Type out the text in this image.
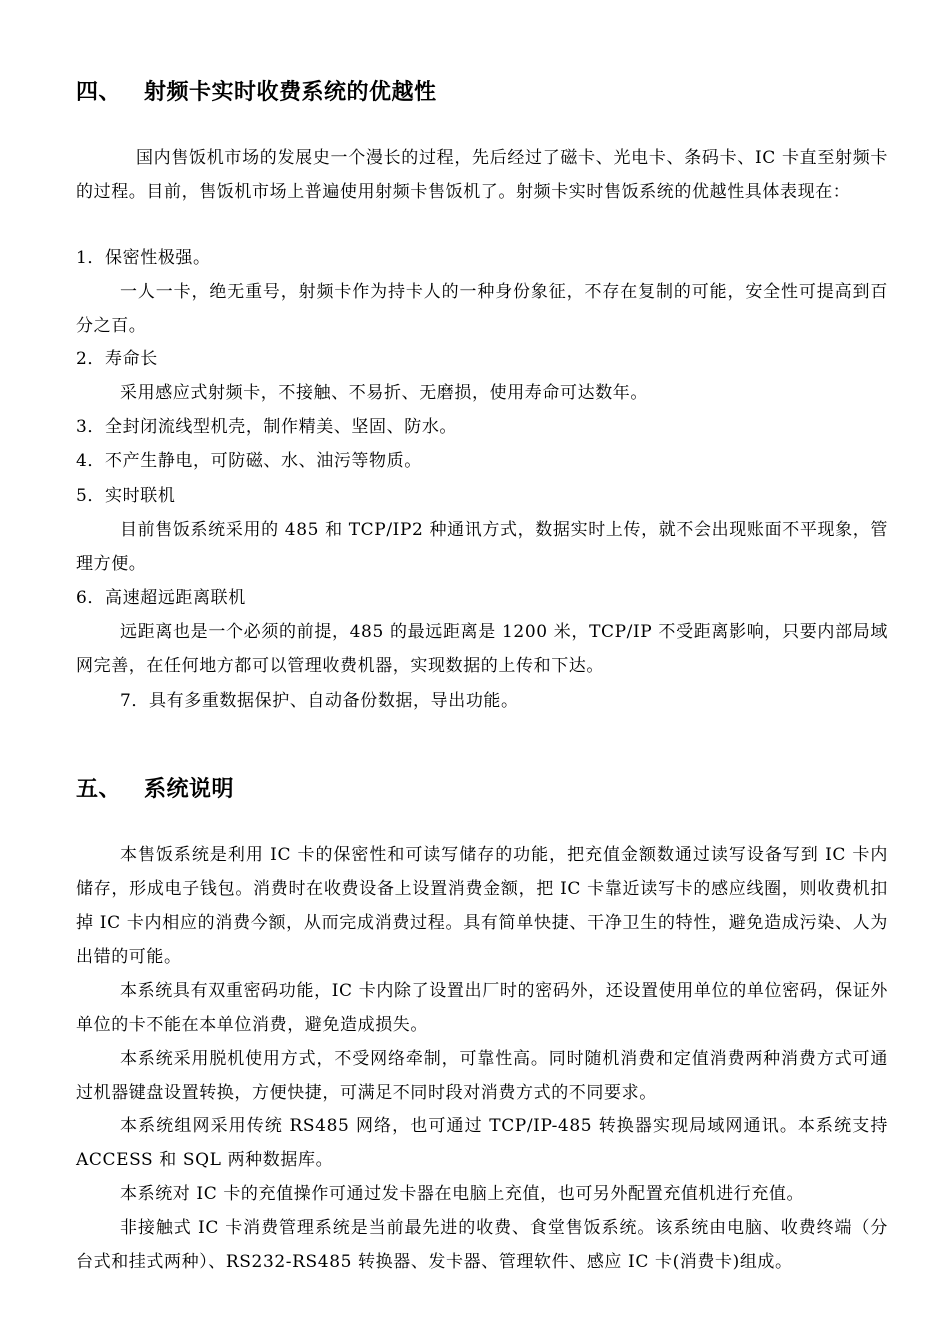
四、 射频卡实时收费系统的优越性
国内售饭机市场的发展史一个漫长的过程，先后经过了磁卡、光电卡、条码卡、IC 卡直至射频卡的过程。目前，售饭机市场上普遍使用射频卡售饭机了。射频卡实时售饭系统的优越性具体表现在：
1．保密性极强。
一人一卡，绝无重号，射频卡作为持卡人的一种身份象征，不存在复制的可能，安全性可提高到百分之百。
2．寿命长
采用感应式射频卡，不接触、不易折、无磨损，使用寿命可达数年。
3．全封闭流线型机壳，制作精美、坚固、防水。
4．不产生静电，可防磁、水、油污等物质。
5．实时联机
目前售饭系统采用的 485 和 TCP/IP2 种通讯方式，数据实时上传，就不会出现账面不平现象，管理方便。
6．高速超远距离联机
远距离也是一个必须的前提，485 的最远距离是 1200 米，TCP/IP 不受距离影响，只要内部局域网完善，在任何地方都可以管理收费机器，实现数据的上传和下达。
7．具有多重数据保护、自动备份数据，导出功能。
五、 系统说明
本售饭系统是利用 IC 卡的保密性和可读写储存的功能，把充值金额数通过读写设备写到 IC 卡内储存，形成电子钱包。消费时在收费设备上设置消费金额，把 IC 卡靠近读写卡的感应线圈，则收费机扣掉 IC 卡内相应的消费今额，从而完成消费过程。具有简单快捷、干净卫生的特性，避免造成污染、人为出错的可能。
本系统具有双重密码功能，IC 卡内除了设置出厂时的密码外，还设置使用单位的单位密码，保证外单位的卡不能在本单位消费，避免造成损失。
本系统采用脱机使用方式，不受网络牵制，可靠性高。同时随机消费和定值消费两种消费方式可通过机器键盘设置转换，方便快捷，可满足不同时段对消费方式的不同要求。
本系统组网采用传统 RS485 网络，也可通过 TCP/IP-485 转换器实现局域网通讯。本系统支持 ACCESS 和 SQL 两种数据库。
本系统对 IC 卡的充值操作可通过发卡器在电脑上充值，也可另外配置充值机进行充值。
非接触式 IC 卡消费管理系统是当前最先进的收费、食堂售饭系统。该系统由电脑、收费终端（分台式和挂式两种）、RS232-RS485 转换器、发卡器、管理软件、感应 IC 卡(消费卡)组成。
